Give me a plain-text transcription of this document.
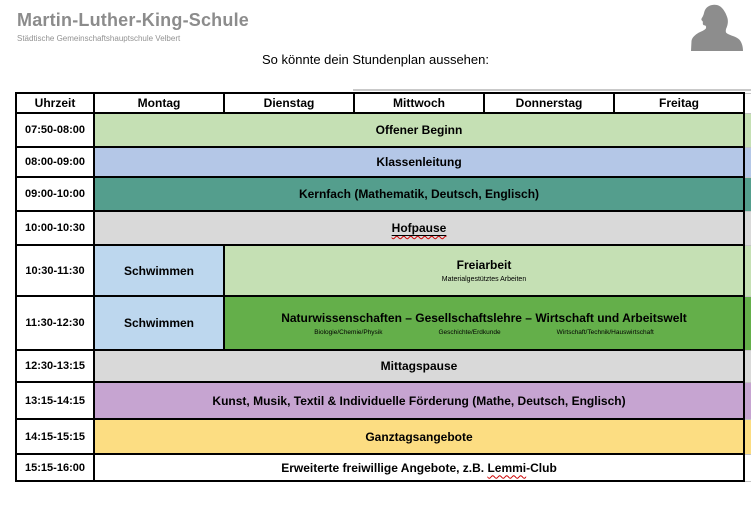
Martin-Luther-King-Schule
Städtische Gemeinschaftshauptschule Velbert
So könnte dein Stundenplan aussehen:
Uhrzeit	Montag	Dienstag	Mittwoch	Donnerstag	Freitag	
07:50-08:00	Offener Beginn					
08:00-09:00	Klassenleitung					
09:00-10:00	Kernfach (Mathematik, Deutsch, Englisch)					
10:00-10:30	Hofpause					
10:30-11:30	Schwimmen	Freiarbeit
Materialgestütztes Arbeiten				

11:30-12:30	Schwimmen	Naturwissenschaften – Gesellschaftslehre – Wirtschaft und Arbeitswelt
Biologie/Chemie/Physik Geschichte/Erdkunde Wirtschaft/Technik/Hauswirtschaft				

12:30-13:15	Mittagspause					
13:15-14:15	Kunst, Musik, Textil & Individuelle Förderung (Mathe, Deutsch, Englisch)					
14:15-15:15	Ganztagsangebote					
15:15-16:00	Erweiterte freiwillige Angebote, z.B. Lemmi-Club					
